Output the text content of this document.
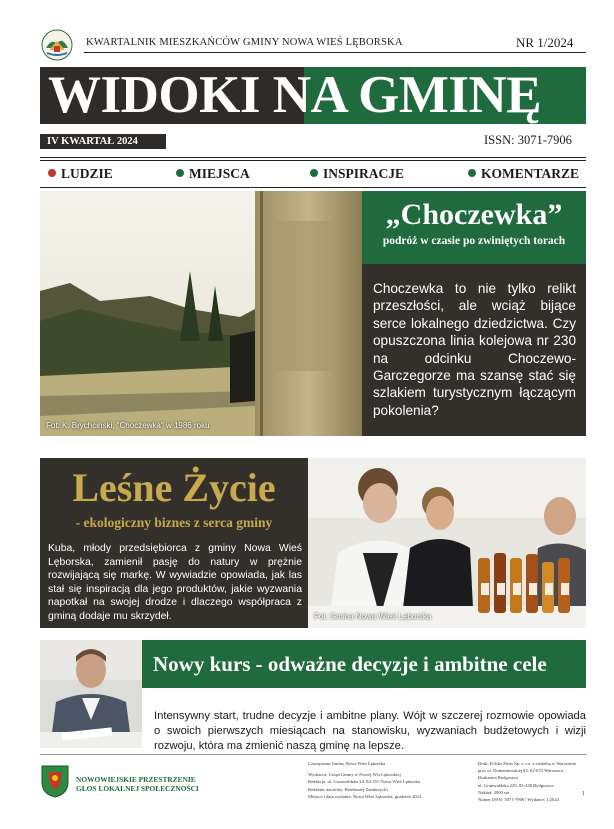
KWARTALNIK MIESZKAŃCÓW GMINY NOWA WIEŚ LĘBORSKA	NR 1/2024
WIDOKI NA GMINĘ
IV KWARTAŁ 2024	ISSN: 3071-7906
LUDZIE	MIEJSCA	INSPIRACJE	KOMENTARZE
Fot. K. Brychcinski, "Choczewka" w 1986 roku
„Choczewka”
podróż w czasie po zwiniętych torach
Choczewka to nie tylko relikt przeszłości, ale wciąż bijące serce lokalnego dziedzictwa. Czy opuszczona linia kolejowa nr 230 na odcinku Choczewo-Garczegorze ma szansę stać się szlakiem turystycznym łączącym pokolenia?
Leśne Życie
- ekologiczny biznes z serca gminy
Kuba, młody przedsiębiorca z gminy Nowa Wieś Lęborska, zamienił pasję do natury w prężnie rozwijającą się markę. W wywiadzie opowiada, jak las stał się inspiracją dla jego produktów, jakie wyzwania napotkał na swojej drodze i dlaczego współpraca z gminą dodaje mu skrzydeł.	Fot. Gmina Nowa Wieś Lęborska
Nowy kurs - odważne decyzje i ambitne cele
Intensywny start, trudne decyzje i ambitne plany. Wójt w szczerej rozmowie opowiada o swoich pierwszych miesiącach na stanowisku, wyzwaniach budżetowych i wizji rozwoju, która ma zmienić naszą gminę na lepsze.
NOWOWIEJSKIE PRZESTRZENIE
GŁOS LOKALNEJ SPOŁECZNOŚCI
Czasopismo Gminy Nowa Wieś Lęborska
Wydawca: Urząd Gminy w Nowej Wsi Lęborskiej
Redakcja: ul. Grunwaldzka 24, 84-351 Nowa Wieś Lęborska
Redaktor naczelny: Bartłomiej Zambrzycki
Miejsce i data wydania: Nowa Wieś Lęborska, grudzień 2024
Druk: Polska Press Sp. z o.o. z siedzibą w Warszawie
przy ul. Domaniewskiej 45, 02-672 Warszawa
Drukarnia Bydgoszcz
ul. Grunwaldzka 229, 85-438 Bydgoszcz
Nakład: 2000 szt.
Numer ISSN: 3071-7906 | Wydanie: 1/2024
1
